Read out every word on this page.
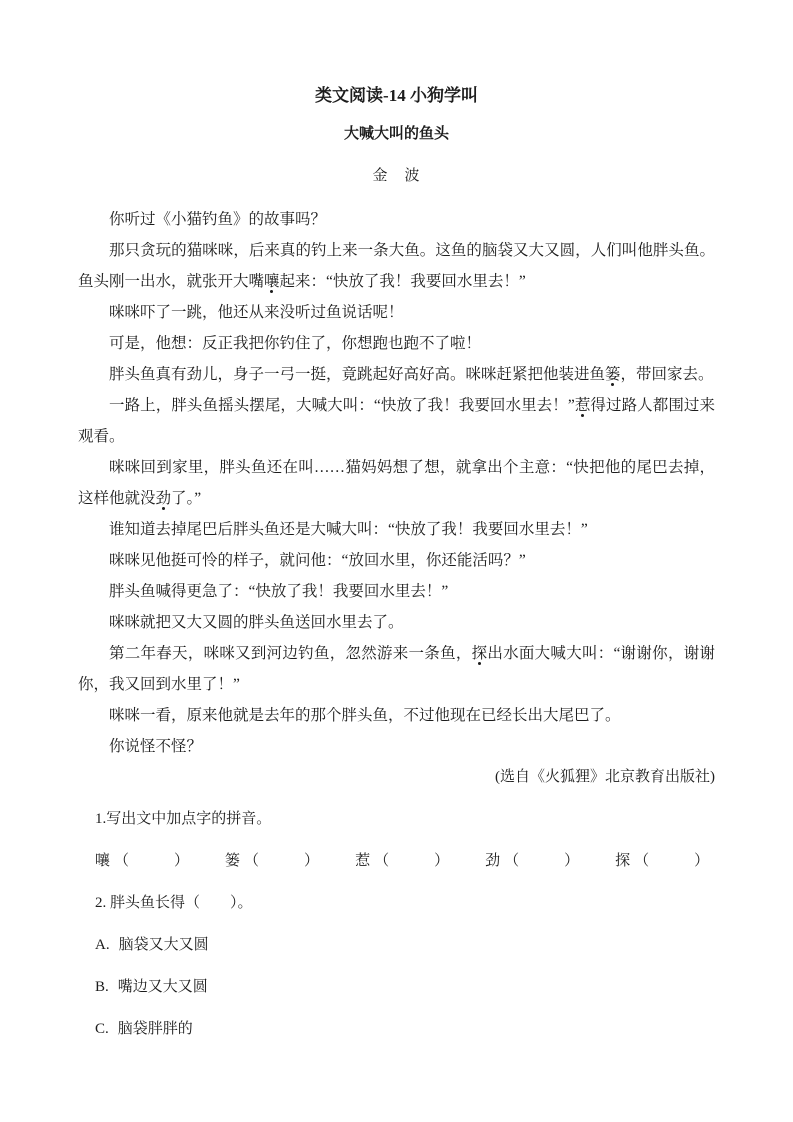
类文阅读-14 小狗学叫
大喊大叫的鱼头
金　波

你听过《小猫钓鱼》的故事吗？

那只贪玩的猫咪咪，后来真的钓上来一条大鱼。这鱼的脑袋又大又圆，人们叫他胖头鱼。鱼头刚一出水，就张开大嘴嚷起来：“快放了我！我要回水里去！”

咪咪吓了一跳，他还从来没听过鱼说话呢！

可是，他想：反正我把你钓住了，你想跑也跑不了啦！

胖头鱼真有劲儿，身子一弓一挺，竟跳起好高好高。咪咪赶紧把他装进鱼篓，带回家去。

一路上，胖头鱼摇头摆尾，大喊大叫：“快放了我！我要回水里去！”惹得过路人都围过来观看。

咪咪回到家里，胖头鱼还在叫……猫妈妈想了想，就拿出个主意：“快把他的尾巴去掉，这样他就没劲了。”

谁知道去掉尾巴后胖头鱼还是大喊大叫：“快放了我！我要回水里去！”

咪咪见他挺可怜的样子，就问他：“放回水里，你还能活吗？”

胖头鱼喊得更急了：“快放了我！我要回水里去！”

咪咪就把又大又圆的胖头鱼送回水里去了。

第二年春天，咪咪又到河边钓鱼，忽然游来一条鱼，探出水面大喊大叫：“谢谢你，谢谢你，我又回到水里了！”

咪咪一看，原来他就是去年的那个胖头鱼，不过他现在已经长出大尾巴了。

你说怪不怪？

(选自《火狐狸》北京教育出版社)
1.写出文中加点字的拼音。
嚷 （　　　） 篓 （　　　） 惹 （　　　） 劲 （　　　） 探 （　　　）
2. 胖头鱼长得（　　）。
A. 脑袋又大又圆
B. 嘴边又大又圆
C. 脑袋胖胖的
